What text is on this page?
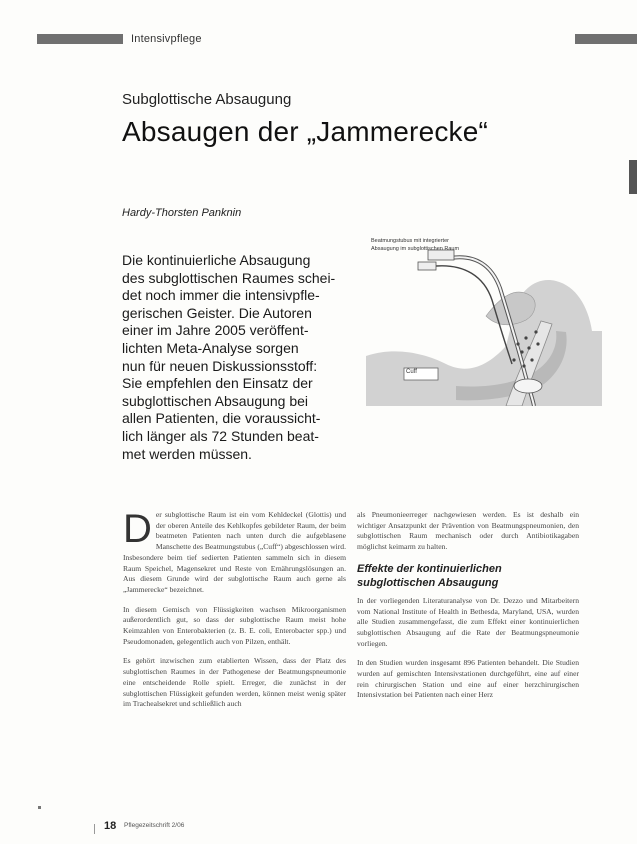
Intensivpflege
Subglottische Absaugung
Absaugen der „Jammerecke“
Hardy-Thorsten Panknin

Die kontinuierliche Absaugung

des subglottischen Raumes schei-

det noch immer die intensivpfle-

gerischen Geister. Die Autoren

einer im Jahre 2005 veröffent-

lichten Meta-Analyse sorgen

nun für neuen Diskussionsstoff:

Sie empfehlen den Einsatz der

subglottischen Absaugung bei

allen Patienten, die voraussicht-

lich länger als 72 Stunden beat-

met werden müssen.

Beatmungstubus mit integrierter
Absaugung im subglottischen Raum
Cuff

Der subglottische Raum ist ein vom Kehldeckel (Glottis) und der oberen Anteile des Kehlkopfes gebildeter Raum, der beim beatmeten Patienten nach unten durch die aufgeblasene Manschette des Beatmungstubus („Cuff“) abgeschlossen wird. Insbesondere beim tief sedierten Patienten sammeln sich in diesem Raum Speichel, Magensekret und Reste von Ernährungslösungen an. Aus diesem Grunde wird der subglottische Raum auch gerne als „Jammerecke“ bezeichnet.

In diesem Gemisch von Flüssigkeiten wachsen Mikroorganismen außerordentlich gut, so dass der subglottische Raum meist hohe Keimzahlen von Enterobakterien (z. B. E. coli, Enterobacter spp.) und Pseudomonaden, gelegentlich auch von Pilzen, enthält.

Es gehört inzwischen zum etablierten Wissen, dass der Platz des subglottischen Raumes in der Pathogenese der Beatmungspneumonie eine entscheidende Rolle spielt. Erreger, die zunächst in der subglottischen Flüssigkeit gefunden werden, können meist wenig später im Trachealsekret und schließlich auch

als Pneumonieerreger nachgewiesen werden. Es ist deshalb ein wichtiger Ansatzpunkt der Prävention von Beatmungspneumonien, den subglottischen Raum mechanisch oder durch Antibiotikagaben möglichst keimarm zu halten.

Effekte der kontinuierlichen
subglottischen Absaugung

In der vorliegenden Literaturanalyse von Dr. Dezzo und Mitarbeitern vom National Institute of Health in Bethesda, Maryland, USA, wurden alle Studien zusammengefasst, die zum Effekt einer kontinuierlichen subglottischen Absaugung auf die Rate der Beatmungspneumonie vorliegen.

In den Studien wurden insgesamt 896 Patienten behandelt. Die Studien wurden auf gemischten Intensivstationen durchgeführt, eine auf einer rein chirurgischen Station und eine auf einer herzchirurgischen Intensivstation bei Patienten nach einer Herz

18 Pflegezeitschrift 2/06
